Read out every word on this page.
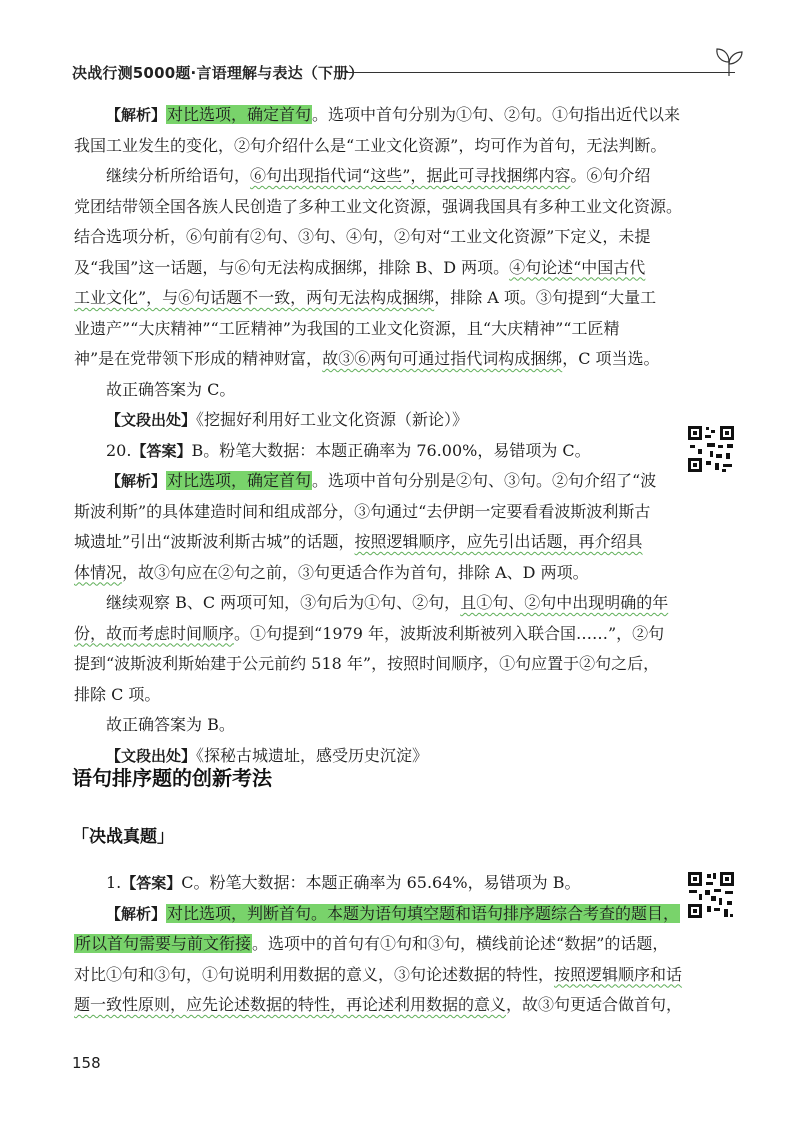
决战行测5000题·言语理解与表达（下册）

【解析】对比选项，确定首句。选项中首句分别为①句、②句。①句指出近代以来

我国工业发生的变化，②句介绍什么是“工业文化资源”，均可作为首句，无法判断。

继续分析所给语句，⑥句出现指代词“这些”，据此可寻找捆绑内容。⑥句介绍

党团结带领全国各族人民创造了多种工业文化资源，强调我国具有多种工业文化资源。

结合选项分析，⑥句前有②句、③句、④句，②句对“工业文化资源”下定义，未提

及“我国”这一话题，与⑥句无法构成捆绑，排除 B、D 两项。④句论述“中国古代

工业文化”，与⑥句话题不一致，两句无法构成捆绑，排除 A 项。③句提到“大量工

业遗产”“大庆精神”“工匠精神”为我国的工业文化资源，且“大庆精神”“工匠精

神”是在党带领下形成的精神财富，故③⑥两句可通过指代词构成捆绑，C 项当选。

故正确答案为 C。

【文段出处】《挖掘好利用好工业文化资源（新论）》

20.【答案】B。粉笔大数据：本题正确率为 76.00%，易错项为 C。

【解析】对比选项，确定首句。选项中首句分别是②句、③句。②句介绍了“波

斯波利斯”的具体建造时间和组成部分，③句通过“去伊朗一定要看看波斯波利斯古

城遗址”引出“波斯波利斯古城”的话题，按照逻辑顺序，应先引出话题，再介绍具

体情况，故③句应在②句之前，③句更适合作为首句，排除 A、D 两项。

继续观察 B、C 两项可知，③句后为①句、②句，且①句、②句中出现明确的年

份，故而考虑时间顺序。①句提到“1979 年，波斯波利斯被列入联合国……”，②句

提到“波斯波利斯始建于公元前约 518 年”，按照时间顺序，①句应置于②句之后，

排除 C 项。

故正确答案为 B。

【文段出处】《探秘古城遗址，感受历史沉淀》

语句排序题的创新考法
「决战真题」

1.【答案】C。粉笔大数据：本题正确率为 65.64%，易错项为 B。

【解析】对比选项，判断首句。本题为语句填空题和语句排序题综合考查的题目，

所以首句需要与前文衔接。选项中的首句有①句和③句，横线前论述“数据”的话题，

对比①句和③句，①句说明利用数据的意义，③句论述数据的特性，按照逻辑顺序和话

题一致性原则，应先论述数据的特性，再论述利用数据的意义，故③句更适合做首句，

158
